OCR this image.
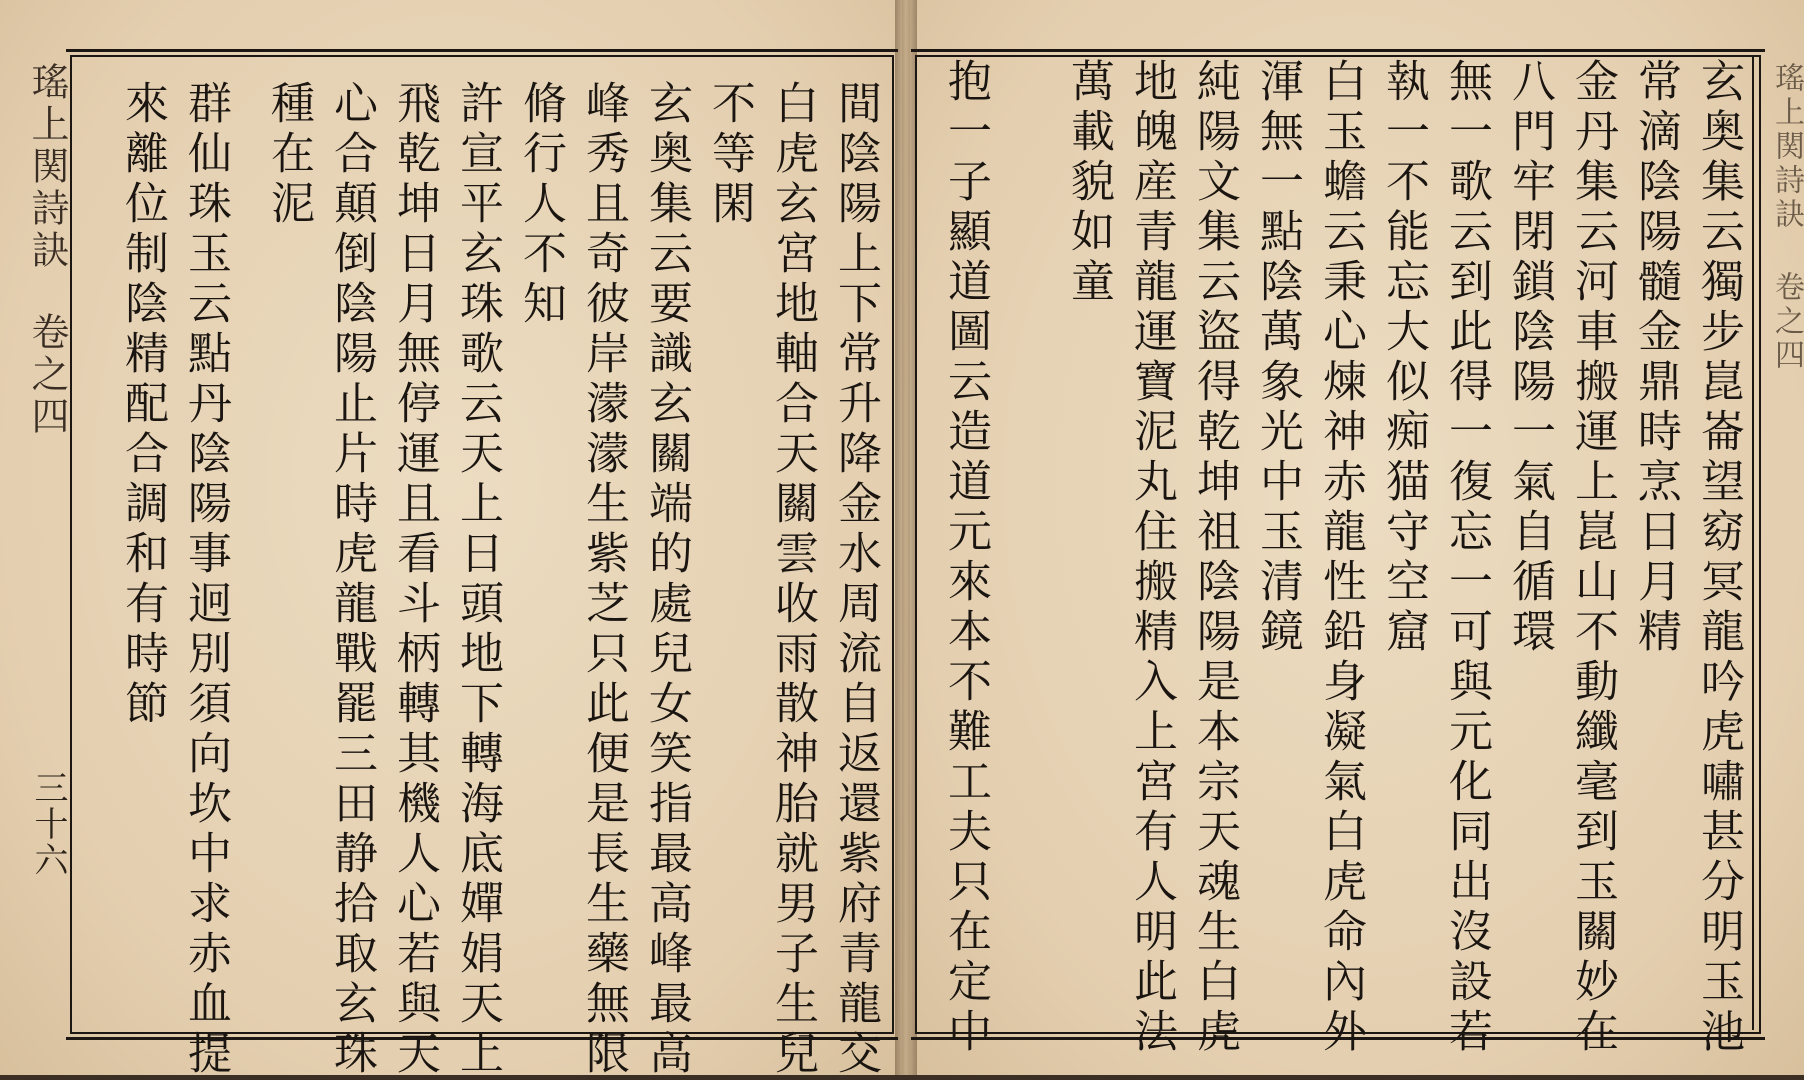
瑤上関詩訣卷之四
三十六	玄奥集云獨步崑崙望窈冥龍吟虎嘯甚分明玉池
常滴陰陽髓金鼎時烹日月精
金丹集云河車搬運上崑山不動纖毫到玉關妙在
八門牢閉鎖陰陽一氣自循環
無一歌云到此得一復忘一可與元化同出沒設若
執一不能忘大似痴猫守空窟
白玉蟾云秉心煉神赤龍性鉛身凝氣白虎命內外
渾無一點陰萬象光中玉清鏡
純陽文集云盜得乾坤祖陰陽是本宗天魂生白虎
地魄産青龍運寶泥丸住搬精入上宮有人明此法
萬載貌如童
抱一子顯道圖云造道元來本不難工夫只在定中
間陰陽上下常升降金水周流自返還紫府青龍交
白虎玄宮地軸合天關雲收雨散神胎就男子生兒
不等閑
玄奥集云要識玄關端的處兒女笑指最高峰最高
峰秀且奇彼岸濛濛生紫芝只此便是長生藥無限
脩行人不知
許宣平玄珠歌云天上日頭地下轉海底嬋娟天上
飛乾坤日月無停運且看斗柄轉其機人心若與天
心合顛倒陰陽止片時虎龍戰罷三田静拾取玄珠
種在泥
群仙珠玉云點丹陰陽事迥別須向坎中求赤血提
來離位制陰精配合調和有時節	瑤上関詩訣 卷之四
